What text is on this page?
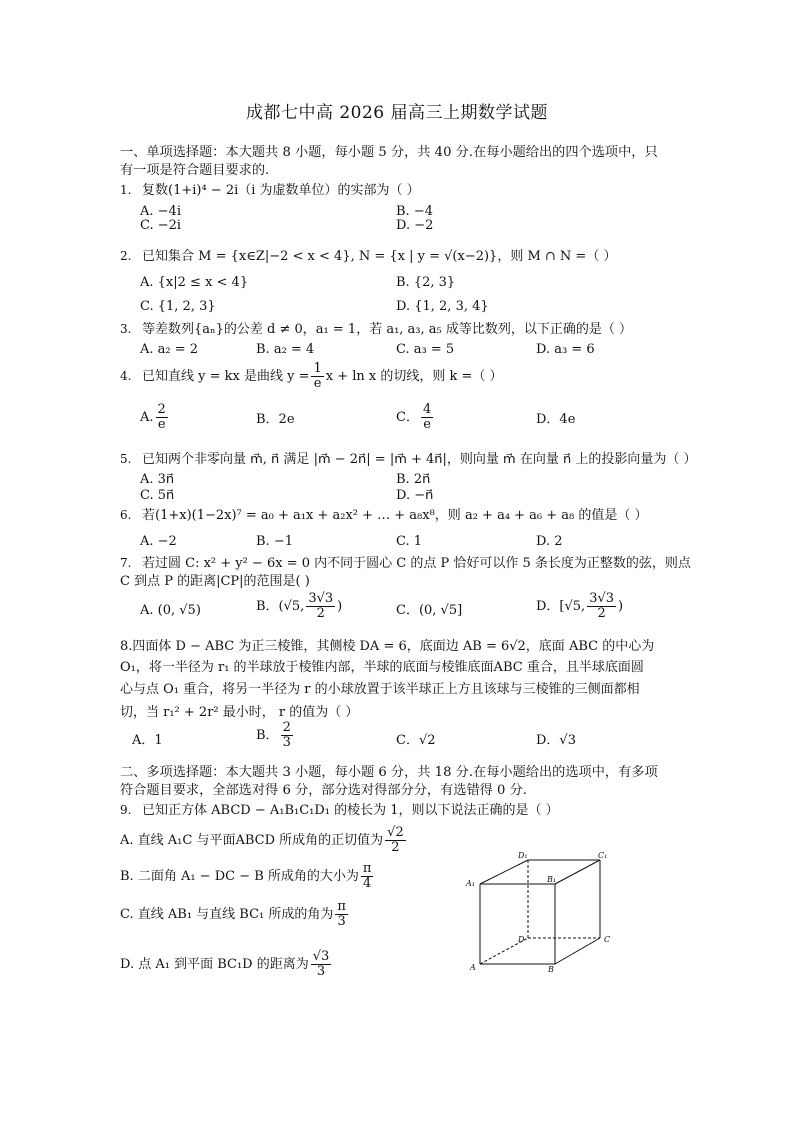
成都七中高 2026 届高三上期数学试题
一、单项选择题：本大题共 8 小题，每小题 5 分，共 40 分.在每小题给出的四个选项中，只
有一项是符合题目要求的.
1. 复数(1+i)⁴ − 2i（i 为虚数单位）的实部为（ ）
A. −4i	B. −4
C. −2i	D. −2
2. 已知集合 M = {x∈Z|−2 < x < 4}, N = {x | y = √(x−2)}，则 M ∩ N =（ ）
A. {x|2 ≤ x < 4}	B. {2, 3}
C. {1, 2, 3}	D. {1, 2, 3, 4}
3. 等差数列{aₙ}的公差 d ≠ 0，a₁ = 1，若 a₁, a₃, a₅ 成等比数列，以下正确的是（ ）
A. a₂ = 2	B. a₂ = 4	C. a₃ = 5	D. a₃ = 6
4. 已知直线 y = kx 是曲线 $y = \frac{1}{e}$ x + ln x 的切线，则 k =（ ）
A. $\frac{2}{e}$	B．2e	C． $\frac{4}{e}$	D．4e
5. 已知两个非零向量 m⃗, n⃗ 满足 |m⃗ − 2n⃗| = |m⃗ + 4n⃗|，则向量 m⃗ 在向量 n⃗ 上的投影向量为（ ）
A. 3n⃗	B. 2n⃗
C. 5n⃗	D. −n⃗
6. 若(1+x)(1−2x)⁷ = a₀ + a₁x + a₂x² + … + a₈x⁸，则 a₂ + a₄ + a₆ + a₈ 的值是（ ）
A. −2	B. −1	C. 1	D. 2
7. 若过圆 C: x² + y² − 6x = 0 内不同于圆心 C 的点 P 恰好可以作 5 条长度为正整数的弦，则点
C 到点 P 的距离|CP|的范围是( )
A. (0, √5)	B．(√5, $\frac{3√3}{2}$ )	C．(0, √5]	D．[√5, $\frac{3√3}{2}$ )
8.四面体 D − ABC 为正三棱锥，其侧棱 DA = 6，底面边 AB = 6√2，底面 ABC 的中心为
O₁，将一半径为 r₁ 的半球放于棱锥内部，半球的底面与棱锥底面ABC 重合，且半球底面圆
心与点 O₁ 重合，将另一半径为 r 的小球放置于该半球正上方且该球与三棱锥的三侧面都相
切，当 r₁² + 2r² 最小时， r 的值为（ ）
A．1	B． $\frac{2}{3}$	C．√2	D．√3
二、多项选择题：本大题共 3 小题，每小题 6 分，共 18 分.在每小题给出的选项中，有多项
符合题目要求，全部选对得 6 分，部分选对得部分分，有选错得 0 分.
9. 已知正方体 ABCD − A₁B₁C₁D₁ 的棱长为 1，则以下说法正确的是（ ）
A. 直线 A₁C 与平面ABCD 所成角的正切值为 $\frac{√2}{2}$
B. 二面角 A₁ − DC − B 所成角的大小为 $\frac{\pi}{4}$
C. 直线 AB₁ 与直线 BC₁ 所成的角为 $\frac{\pi}{3}$
D. 点 A₁ 到平面 BC₁D 的距离为 $\frac{√3}{3}$
D₁	C₁
A₁	B₁
D	C
A	B
